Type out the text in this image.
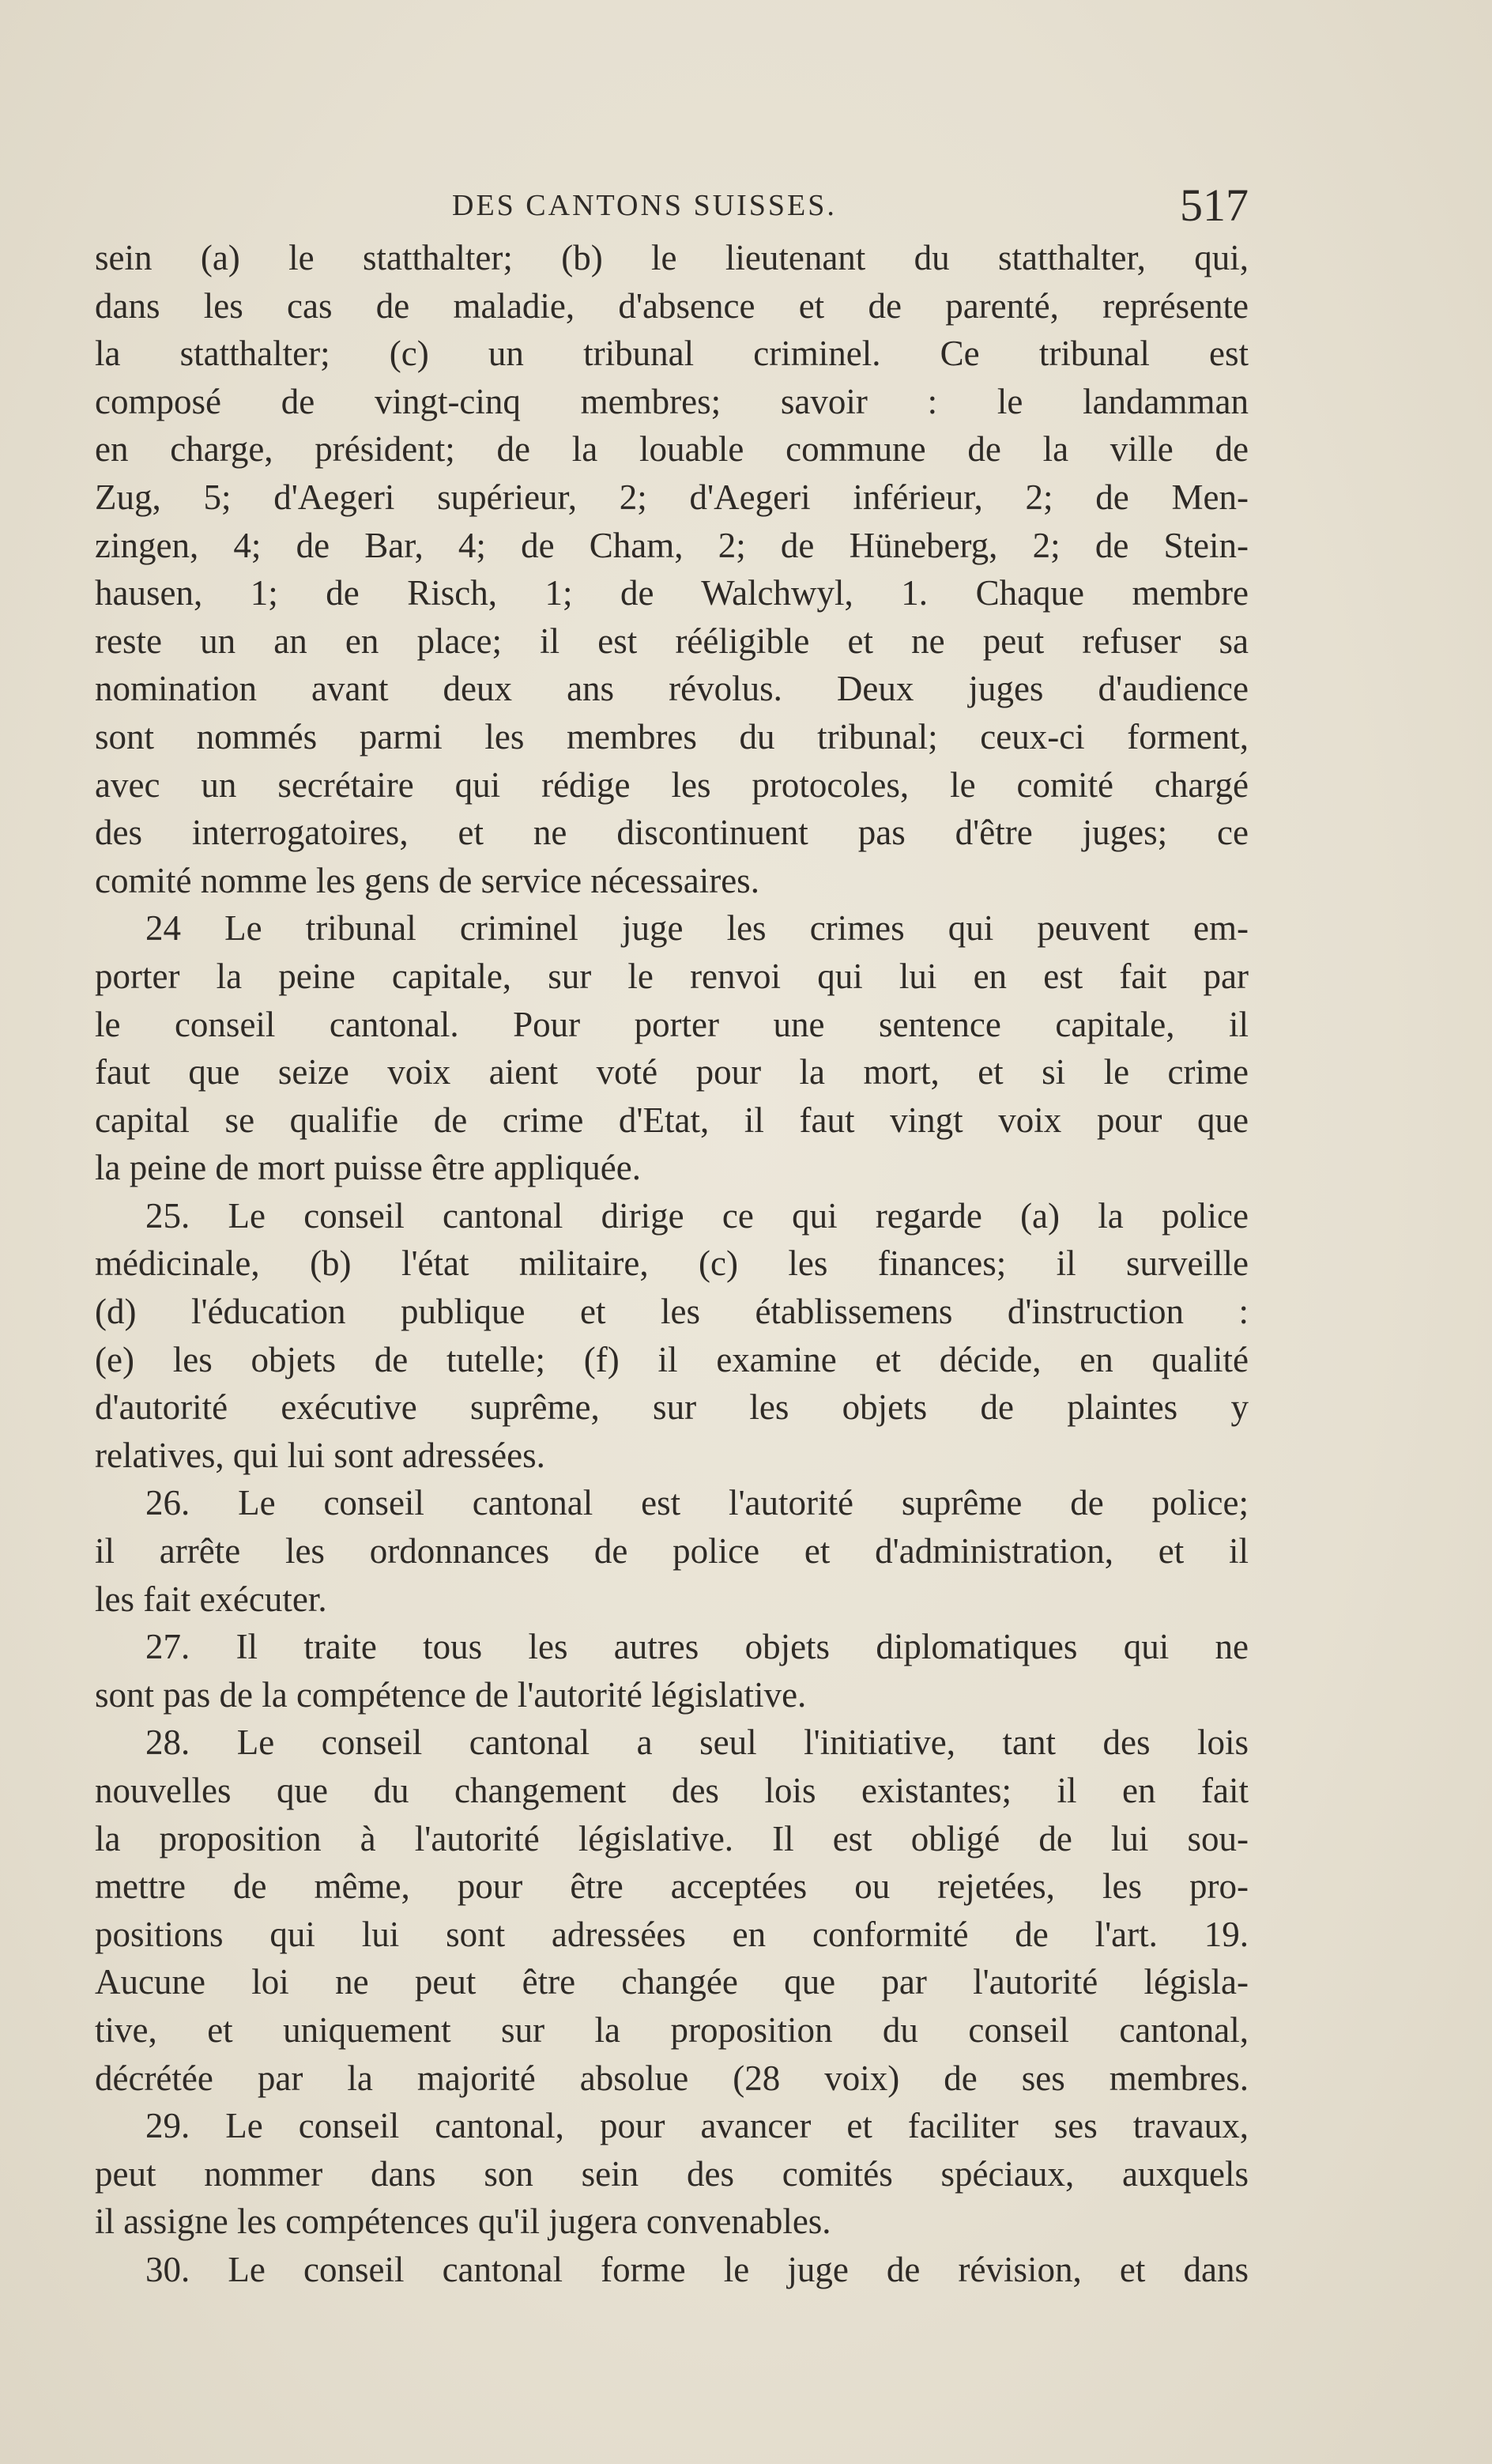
DES CANTONS SUISSES.	517
sein (a) le statthalter; (b) le lieutenant du statthalter, qui,
dans les cas de maladie, d'absence et de parenté, représente
la statthalter; (c) un tribunal criminel. Ce tribunal est
composé de vingt-cinq membres; savoir : le landamman
en charge, président; de la louable commune de la ville de
Zug, 5; d'Aegeri supérieur, 2; d'Aegeri inférieur, 2; de Men-
zingen, 4; de Bar, 4; de Cham, 2; de Hüneberg, 2; de Stein-
hausen, 1; de Risch, 1; de Walchwyl, 1. Chaque membre
reste un an en place; il est rééligible et ne peut refuser sa
nomination avant deux ans révolus. Deux juges d'audience
sont nommés parmi les membres du tribunal; ceux-ci forment,
avec un secrétaire qui rédige les protocoles, le comité chargé
des interrogatoires, et ne discontinuent pas d'être juges; ce
comité nomme les gens de service nécessaires.
24 Le tribunal criminel juge les crimes qui peuvent em-
porter la peine capitale, sur le renvoi qui lui en est fait par
le conseil cantonal. Pour porter une sentence capitale, il
faut que seize voix aient voté pour la mort, et si le crime
capital se qualifie de crime d'Etat, il faut vingt voix pour que
la peine de mort puisse être appliquée.
25. Le conseil cantonal dirige ce qui regarde (a) la police
médicinale, (b) l'état militaire, (c) les finances; il surveille
(d) l'éducation publique et les établissemens d'instruction :
(e) les objets de tutelle; (f) il examine et décide, en qualité
d'autorité exécutive suprême, sur les objets de plaintes y
relatives, qui lui sont adressées.
26. Le conseil cantonal est l'autorité suprême de police;
il arrête les ordonnances de police et d'administration, et il
les fait exécuter.
27. Il traite tous les autres objets diplomatiques qui ne
sont pas de la compétence de l'autorité législative.
28. Le conseil cantonal a seul l'initiative, tant des lois
nouvelles que du changement des lois existantes; il en fait
la proposition à l'autorité législative. Il est obligé de lui sou-
mettre de même, pour être acceptées ou rejetées, les pro-
positions qui lui sont adressées en conformité de l'art. 19.
Aucune loi ne peut être changée que par l'autorité législa-
tive, et uniquement sur la proposition du conseil cantonal,
décrétée par la majorité absolue (28 voix) de ses membres.
29. Le conseil cantonal, pour avancer et faciliter ses travaux,
peut nommer dans son sein des comités spéciaux, auxquels
il assigne les compétences qu'il jugera convenables.
30. Le conseil cantonal forme le juge de révision, et dans
